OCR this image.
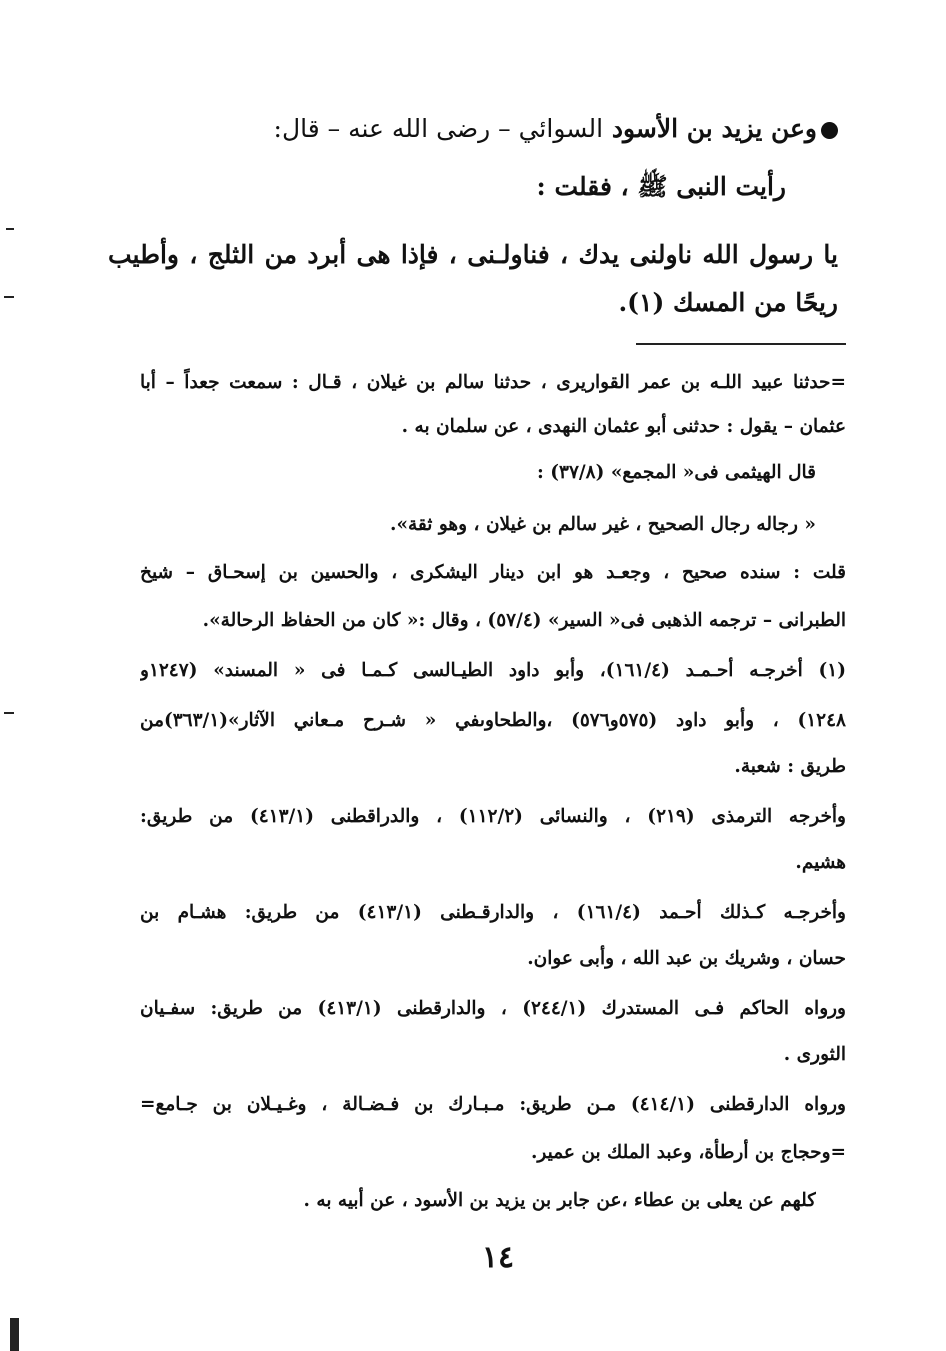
وعن يزيد بن الأسود السوائي – رضى الله عنه – قال:
رأيت النبى ﷺ ، فقلت :
يا رسول الله ناولنى يدك ، فناولـنى ، فإذا هى أبرد من الثلج ، وأطيب
ريحًا من المسك (١).
=حدثنا عبيد اللـه بن عمر القواريرى ، حدثنا سالم بن غيلان ، قـال : سمعت جعداً – أبا
عثمان – يقول : حدثنى أبو عثمان النهدى ، عن سلمان به .
قال الهيثمى فى« المجمع» (٣٧/٨) :
« رجاله رجال الصحيح ، غير سالم بن غيلان ، وهو ثقة».
قلت : سنده صحيح ، وجعـد هو ابن دينار اليشكرى ، والحسين بن إسحـاق – شيخ
الطبرانى – ترجمه الذهبى فى« السير» (٥٧/٤) ، وقال :« كان من الحفاظ الرحالة».
(١) أخرجـه أحـمـد (١٦١/٤)، وأبو داود الطيـالسى كـمـا فى « المسند» (١٢٤٧و
١٢٤٨) ، وأبو داود (٥٧٥و٥٧٦) ،والطحاوىفي « شـرح مـعاني الآثار»(٣٦٣/١)من
طريق : شعبة.
وأخرجه الترمذى (٢١٩) ، والنسائى (١١٢/٢) ، والدراقطنى (٤١٣/١) من طريق:
هشيم.
وأخرجـه كـذلك أحـمد (١٦١/٤) ، والدارقـطنى (٤١٣/١) من طريق: هشـام بن
حسان ، وشريك بن عبد الله ، وأبى عوان.
ورواه الحاكم فـى المستدرك (٢٤٤/١) ، والدارقطنى (٤١٣/١) من طريق: سفـيان
الثورى .
ورواه الدارقطنى (٤١٤/١) مـن طريق: مـبـارك بن فـضـالة ، وغـيـلان بن جـامع=
=وحجاج بن أرطأة، وعبد الملك بن عمير.
كلهم عن يعلى بن عطاء ،عن جابر بن يزيد بن الأسود ، عن أبيه به .
١٤
